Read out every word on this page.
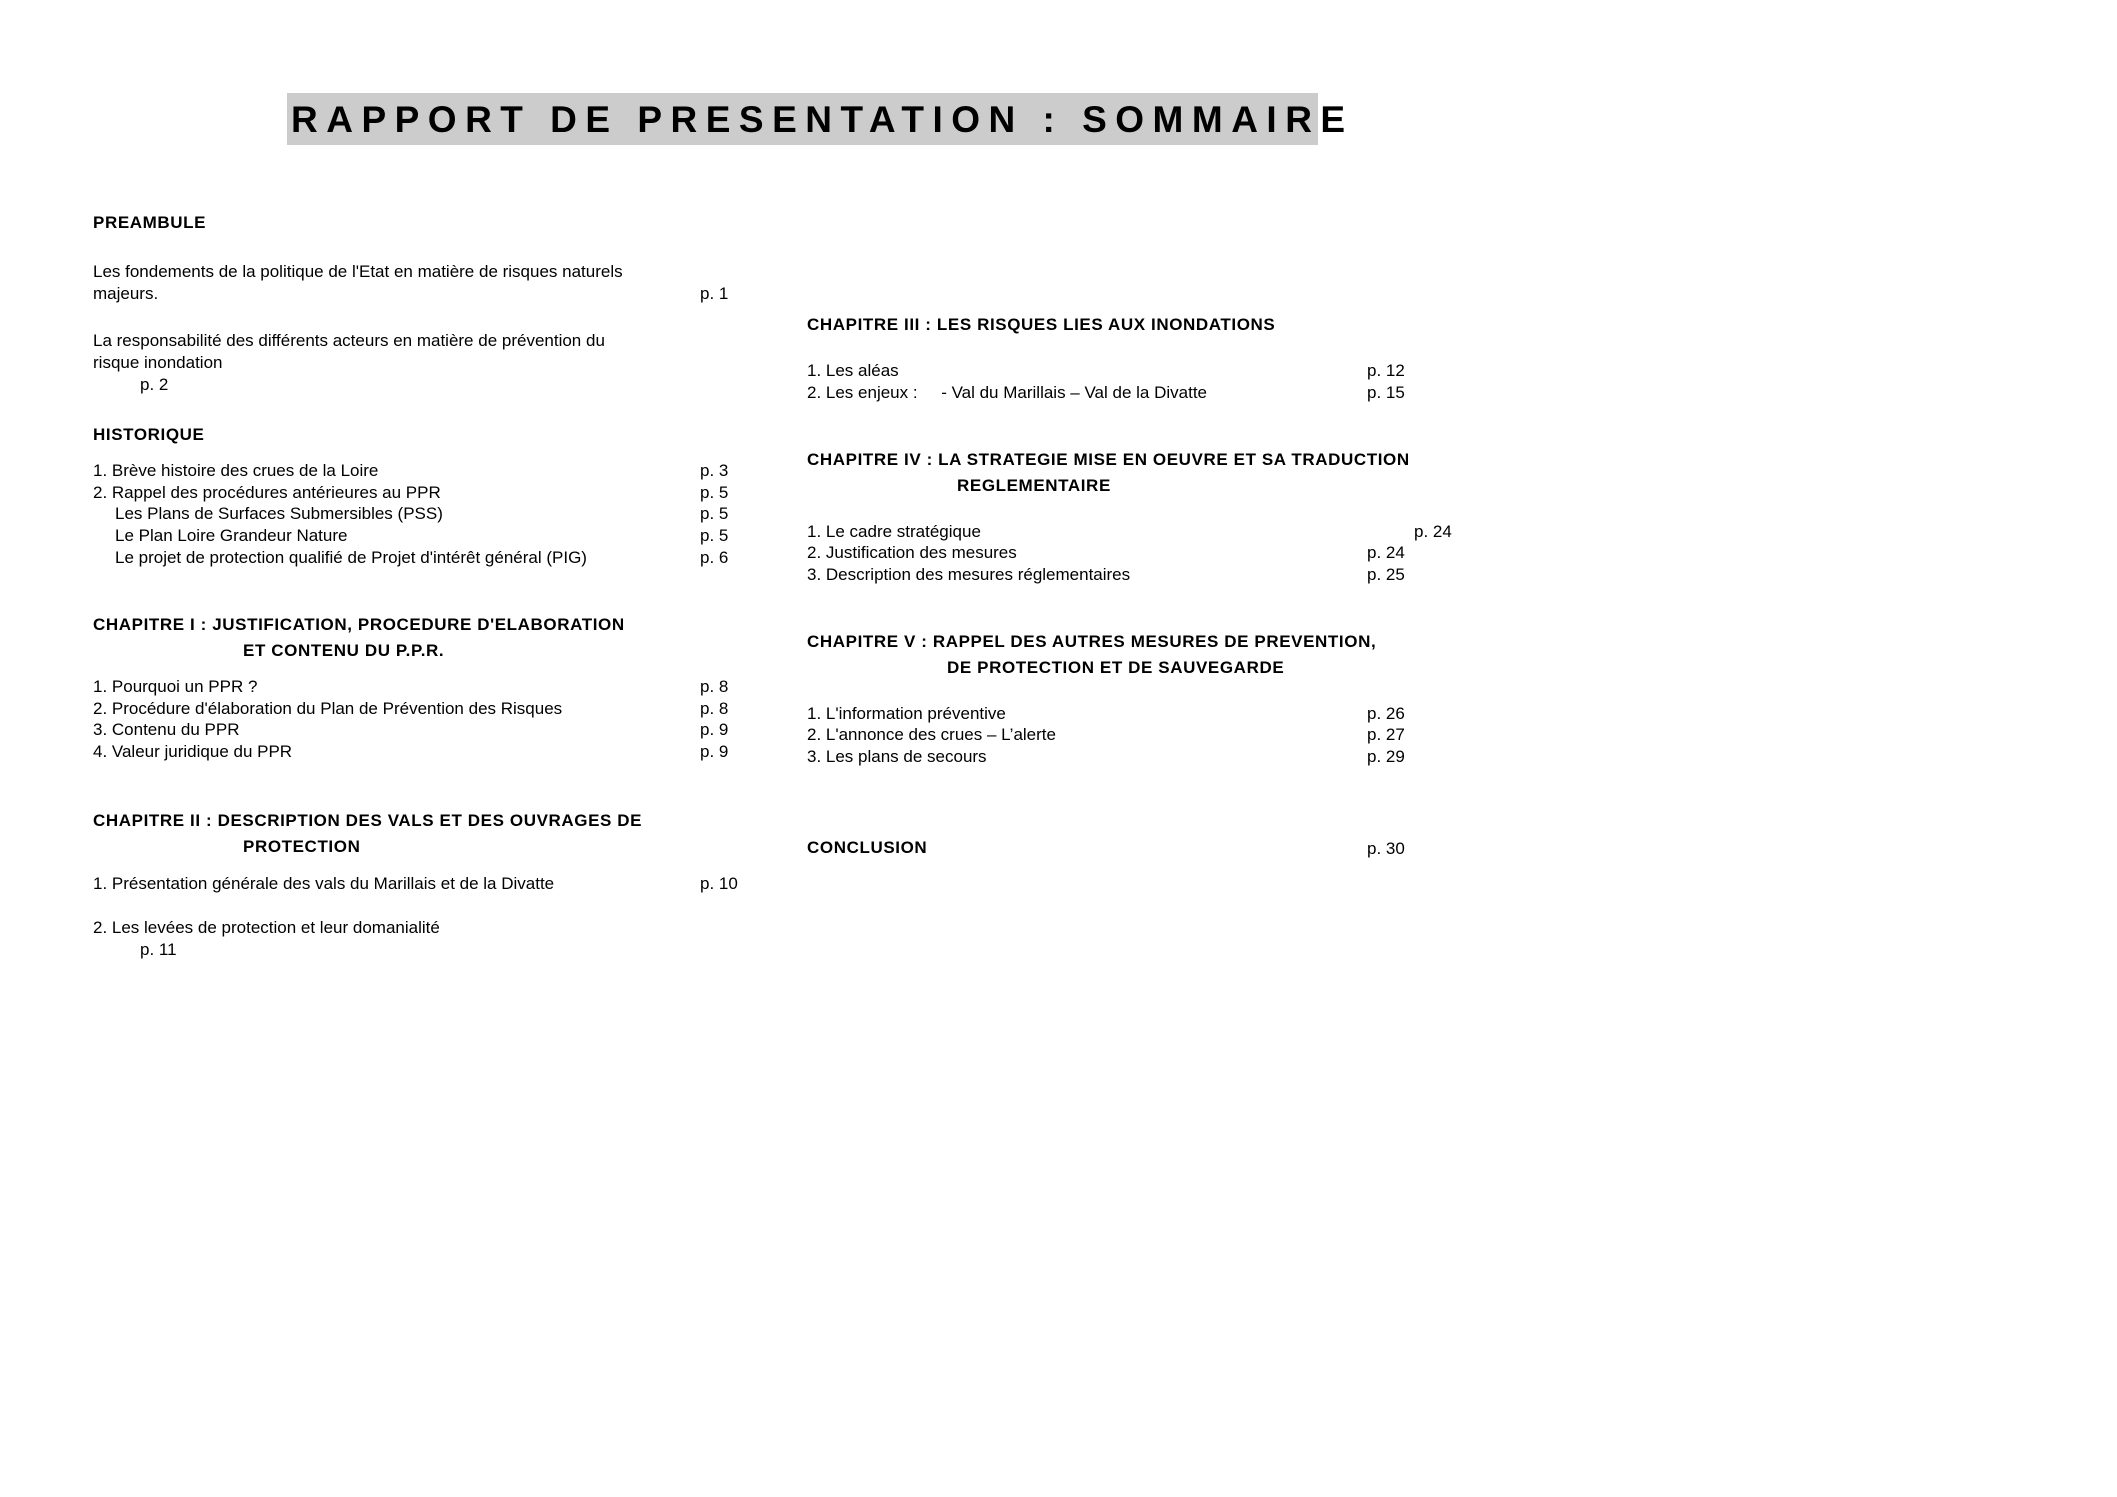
RAPPORT DE PRESENTATION : SOMMAIRE
PREAMBULE
Les fondements de la politique de l'Etat en matière de risques naturels
majeurs.	p. 1
La responsabilité des différents acteurs en matière de prévention du
risque inondation
p. 2
HISTORIQUE
1. Brève histoire des crues de la Loire	p. 3
2. Rappel des procédures antérieures au PPR	p. 5
Les Plans de Surfaces Submersibles (PSS)	p. 5
Le Plan Loire Grandeur Nature	p. 5
Le projet de protection qualifié de Projet d'intérêt général (PIG)	p. 6
CHAPITRE I : JUSTIFICATION, PROCEDURE D'ELABORATION
ET CONTENU DU P.P.R.
1. Pourquoi un PPR ?	p. 8
2. Procédure d'élaboration du Plan de Prévention des Risques	p. 8
3. Contenu du PPR	p. 9
4. Valeur juridique du PPR	p. 9
CHAPITRE II : DESCRIPTION DES VALS ET DES OUVRAGES DE
PROTECTION
1. Présentation générale des vals du Marillais et de la Divatte	p. 10
2. Les levées de protection et leur domanialité
p. 11
CHAPITRE III : LES RISQUES LIES AUX INONDATIONS
1. Les aléas	p. 12
2. Les enjeux :     - Val du Marillais – Val de la Divatte	p. 15
CHAPITRE IV : LA STRATEGIE MISE EN OEUVRE ET SA TRADUCTION
REGLEMENTAIRE
1. Le cadre stratégique	p. 24
2. Justification des mesures	p. 24
3. Description des mesures réglementaires	p. 25
CHAPITRE V : RAPPEL DES AUTRES MESURES DE PREVENTION,
DE PROTECTION ET DE SAUVEGARDE
1. L'information préventive	p. 26
2. L'annonce des crues – L’alerte	p. 27
3. Les plans de secours	p. 29
CONCLUSION	p. 30
